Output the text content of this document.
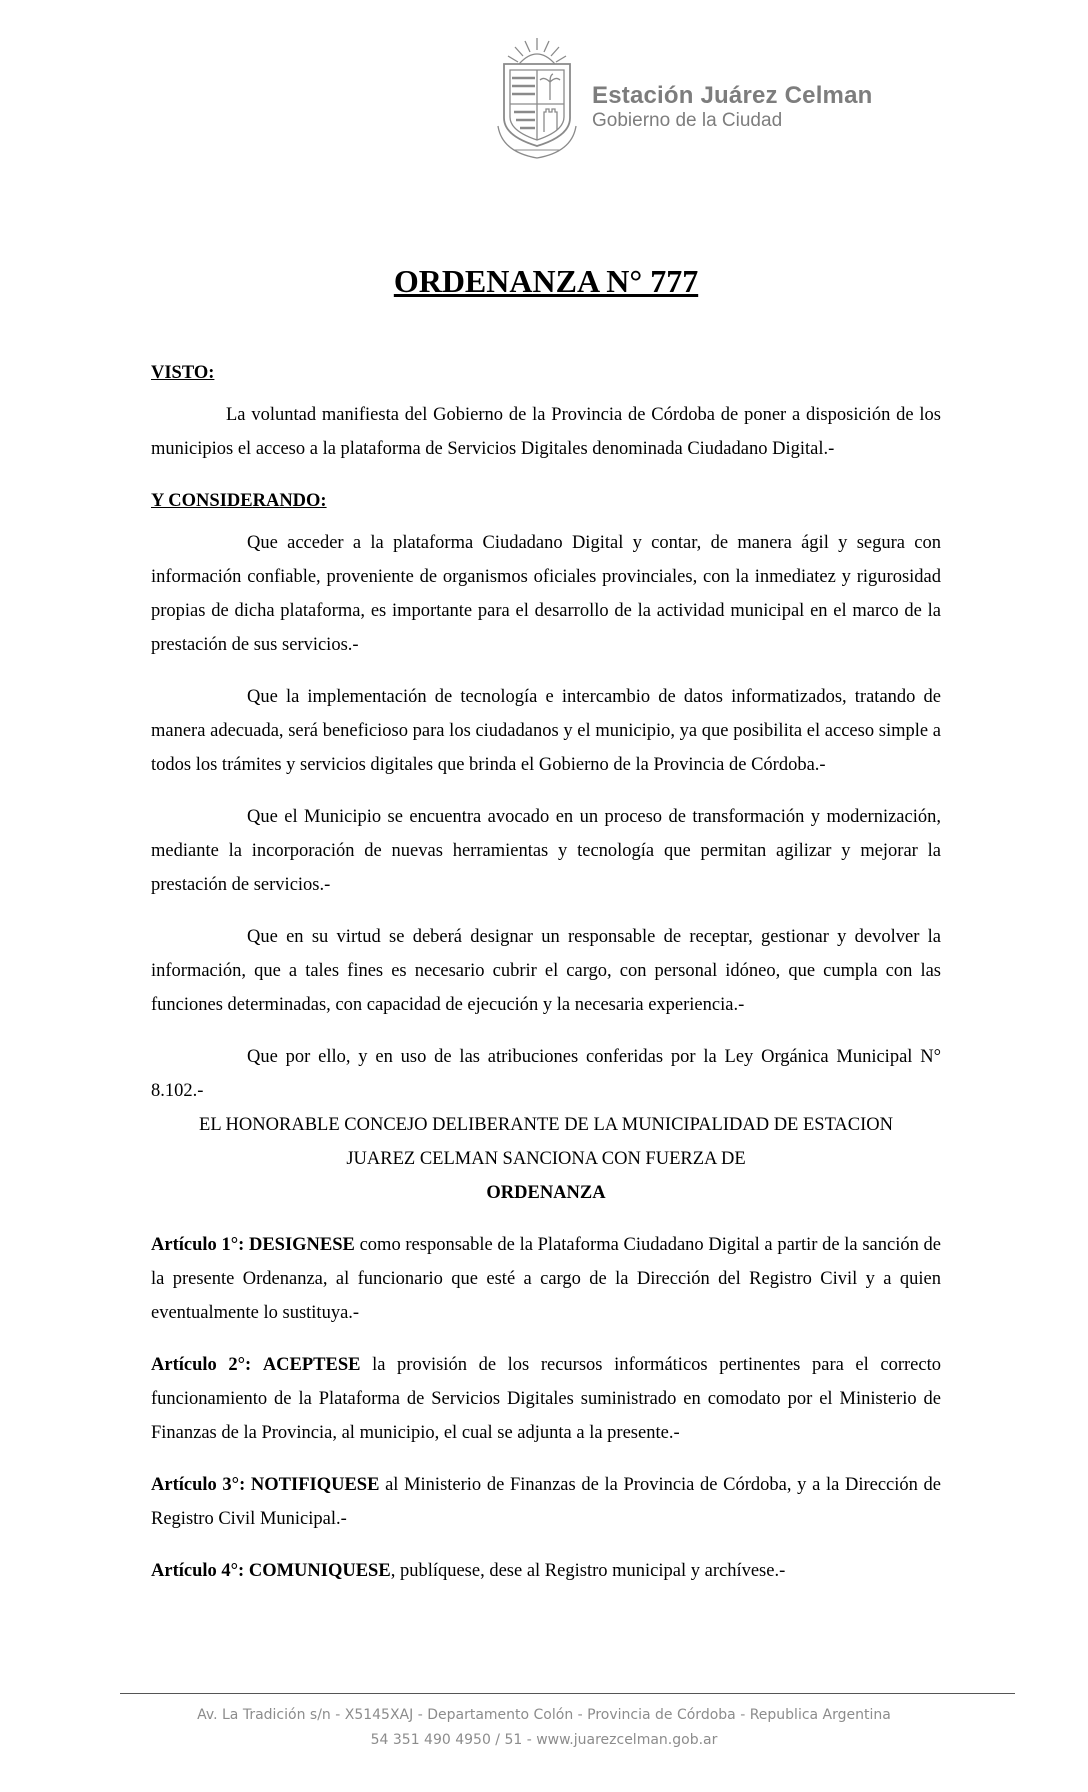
Estación Juárez Celman
Gobierno de la Ciudad
ORDENANZA N° 777

VISTO:

La voluntad manifiesta del Gobierno de la Provincia de Córdoba de poner a disposición de los municipios el acceso a la plataforma de Servicios Digitales denominada Ciudadano Digital.-

Y CONSIDERANDO:

Que acceder a la plataforma Ciudadano Digital y contar, de manera ágil y segura con información confiable, proveniente de organismos oficiales provinciales, con la inmediatez y rigurosidad propias de dicha plataforma, es importante para el desarrollo de la actividad municipal en el marco de la prestación de sus servicios.-

Que la implementación de tecnología e intercambio de datos informatizados, tratando de manera adecuada, será beneficioso para los ciudadanos y el municipio, ya que posibilita el acceso simple a todos los trámites y servicios digitales que brinda el Gobierno de la Provincia de Córdoba.-

Que el Municipio se encuentra avocado en un proceso de transformación y modernización, mediante la incorporación de nuevas herramientas y tecnología que permitan agilizar y mejorar la prestación de servicios.-

Que en su virtud se deberá designar un responsable de receptar, gestionar y devolver la información, que a tales fines es necesario cubrir el cargo, con personal idóneo, que cumpla con las funciones determinadas, con capacidad de ejecución y la necesaria experiencia.-

Que por ello, y en uso de las atribuciones conferidas por la Ley Orgánica Municipal N° 8.102.-

EL HONORABLE CONCEJO DELIBERANTE DE LA MUNICIPALIDAD DE ESTACION

JUAREZ CELMAN SANCIONA CON FUERZA DE

ORDENANZA

Artículo 1°: DESIGNESE como responsable de la Plataforma Ciudadano Digital a partir de la sanción de la presente Ordenanza, al funcionario que esté a cargo de la Dirección del Registro Civil y a quien eventualmente lo sustituya.-

Artículo 2°: ACEPTESE la provisión de los recursos informáticos pertinentes para el correcto funcionamiento de la Plataforma de Servicios Digitales suministrado en comodato por el Ministerio de Finanzas de la Provincia, al municipio, el cual se adjunta a la presente.-

Artículo 3°: NOTIFIQUESE al Ministerio de Finanzas de la Provincia de Córdoba, y a la Dirección de Registro Civil Municipal.-

Artículo 4°: COMUNIQUESE, publíquese, dese al Registro municipal y archívese.-

Av. La Tradición s/n - X5145XAJ - Departamento Colón - Provincia de Córdoba - Republica Argentina
54 351 490 4950 / 51 - www.juarezcelman.gob.ar
